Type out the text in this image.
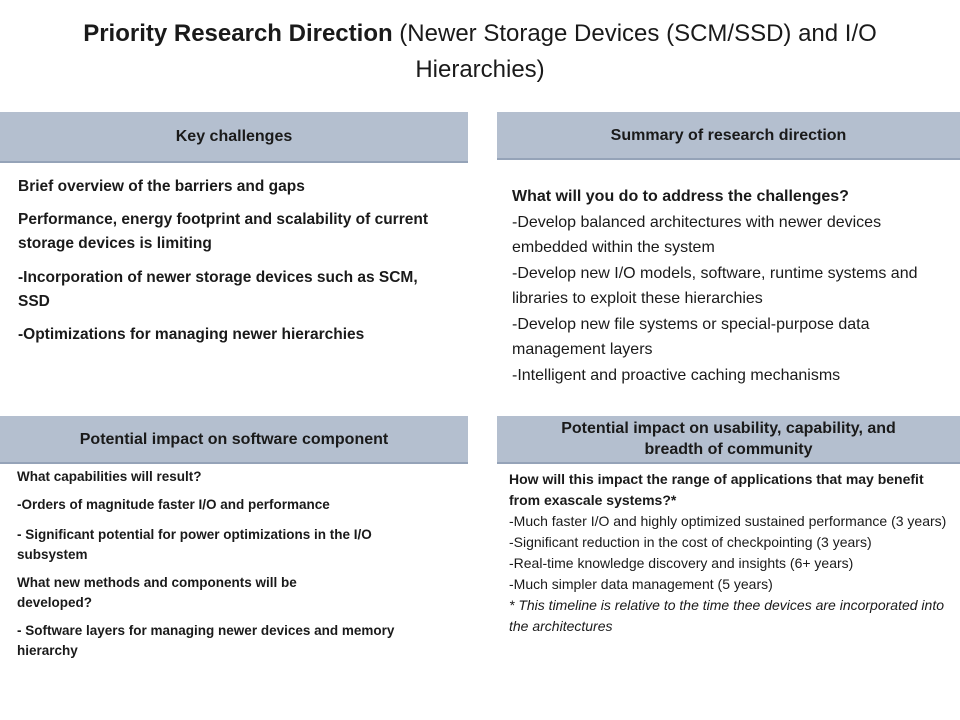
Priority Research Direction (Newer Storage Devices (SCM/SSD) and I/O Hierarchies)
Key challenges

Brief overview of the barriers and gaps

Performance, energy footprint and scalability of current storage devices is limiting

-Incorporation of newer storage devices such as SCM, SSD

-Optimizations for managing newer hierarchies

Summary of research direction

What will you do to address the challenges?

-Develop balanced architectures with newer devices embedded within the system

-Develop new I/O models, software, runtime systems and libraries to exploit these hierarchies

-Develop new file systems or special-purpose data management layers

-Intelligent and proactive caching mechanisms

Potential impact on software component

What capabilities will result?

-Orders of magnitude faster I/O and performance

- Significant potential for power optimizations in the I/O subsystem

What new methods and components will be developed?

- Software layers for managing newer devices and memory hierarchy

Potential impact on usability, capability, and breadth of community

How will this impact the range of applications that may benefit from exascale systems?*

-Much faster I/O and highly optimized sustained performance (3 years)

-Significant reduction in the cost of checkpointing (3 years)

-Real-time knowledge discovery and insights (6+ years)

-Much simpler data management (5 years)

* This timeline is relative to the time thee devices are incorporated into the architectures
